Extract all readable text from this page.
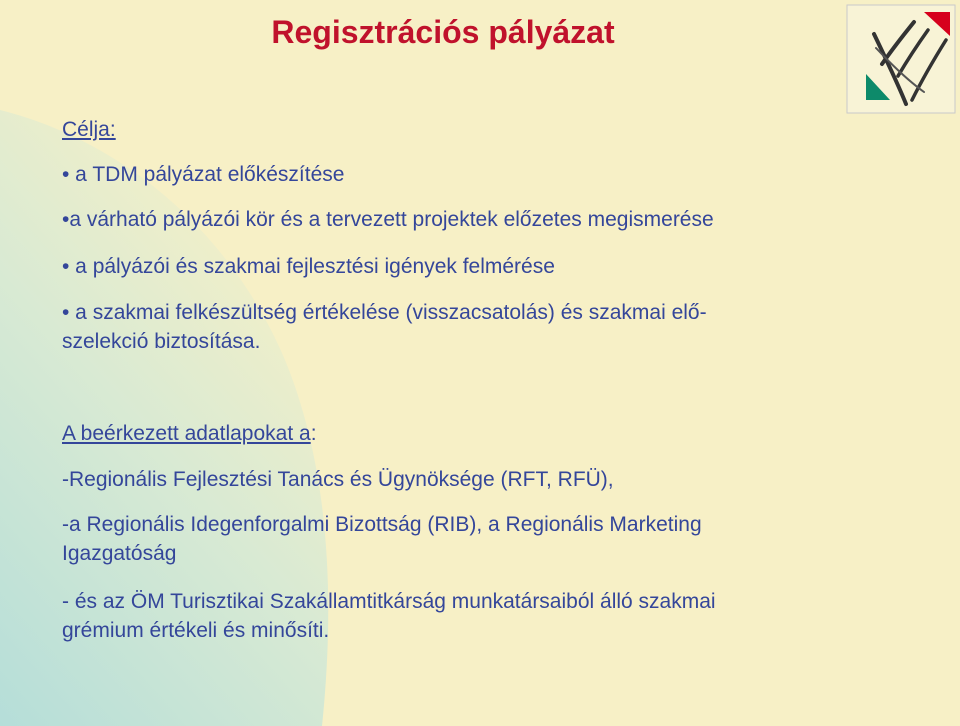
Regisztrációs pályázat
Célja:
• a TDM pályázat előkészítése
•a várható pályázói kör és a tervezett projektek előzetes megismerése
• a pályázói és szakmai fejlesztési igények felmérése
• a szakmai felkészültség értékelése (visszacsatolás) és szakmai elő-
szelekció biztosítása.
A beérkezett adatlapokat a:
-Regionális Fejlesztési Tanács és Ügynöksége (RFT, RFÜ),
-a Regionális Idegenforgalmi Bizottság (RIB), a Regionális Marketing
Igazgatóság
- és az ÖM Turisztikai Szakállamtitkárság munkatársaiból álló szakmai
grémium értékeli és minősíti.
